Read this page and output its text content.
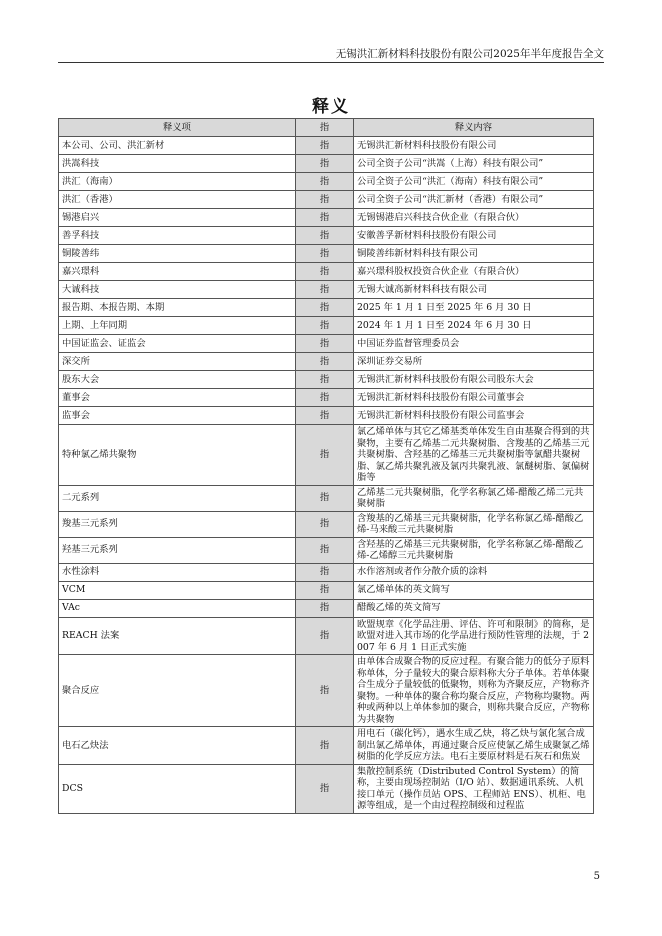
无锡洪汇新材料科技股份有限公司2025年半年度报告全文
释义
释义项	指	释义内容
本公司、公司、洪汇新材	指	无锡洪汇新材料科技股份有限公司
洪嵩科技	指	公司全资子公司“洪嵩（上海）科技有限公司”
洪汇（海南）	指	公司全资子公司“洪汇（海南）科技有限公司”
洪汇（香港）	指	公司全资子公司“洪汇新材（香港）有限公司”
锡港启兴	指	无锡锡港启兴科技合伙企业（有限合伙）
善孚科技	指	安徽善孚新材料科技股份有限公司
铜陵善纬	指	铜陵善纬新材料科技有限公司
嘉兴璟科	指	嘉兴璟科股权投资合伙企业（有限合伙）
大诚科技	指	无锡大诚高新材料科技有限公司
报告期、本报告期、本期	指	2025 年 1 月 1 日至 2025 年 6 月 30 日
上期、上年同期	指	2024 年 1 月 1 日至 2024 年 6 月 30 日
中国证监会、证监会	指	中国证券监督管理委员会
深交所	指	深圳证券交易所
股东大会	指	无锡洪汇新材料科技股份有限公司股东大会
董事会	指	无锡洪汇新材料科技股份有限公司董事会
监事会	指	无锡洪汇新材料科技股份有限公司监事会
特种氯乙烯共聚物	指	氯乙烯单体与其它乙烯基类单体发生自由基聚合得到的共聚物，主要有乙烯基二元共聚树脂、含羧基的乙烯基三元共聚树脂、含羟基的乙烯基三元共聚树脂等氯醋共聚树脂、氯乙烯共聚乳液及氯丙共聚乳液、氯醚树脂、氯偏树脂等
二元系列	指	乙烯基二元共聚树脂，化学名称氯乙烯-醋酸乙烯二元共聚树脂
羧基三元系列	指	含羧基的乙烯基三元共聚树脂，化学名称氯乙烯-醋酸乙烯-马来酸三元共聚树脂
羟基三元系列	指	含羟基的乙烯基三元共聚树脂，化学名称氯乙烯-醋酸乙烯-乙烯醇三元共聚树脂
水性涂料	指	水作溶剂或者作分散介质的涂料
VCM	指	氯乙烯单体的英文简写
VAc	指	醋酸乙烯的英文简写
REACH 法案	指	欧盟规章《化学品注册、评估、许可和限制》的简称，是欧盟对进入其市场的化学品进行预防性管理的法规，于 2007 年 6 月 1 日正式实施
聚合反应	指	由单体合成聚合物的反应过程。有聚合能力的低分子原料称单体，分子量较大的聚合原料称大分子单体。若单体聚合生成分子量较低的低聚物，则称为齐聚反应，产物称齐聚物。一种单体的聚合称均聚合反应，产物称均聚物。两种或两种以上单体参加的聚合，则称共聚合反应，产物称为共聚物
电石乙炔法	指	用电石（碳化钙），遇水生成乙炔，将乙炔与氯化氢合成制出氯乙烯单体，再通过聚合反应使氯乙烯生成聚氯乙烯树脂的化学反应方法。电石主要原材料是石灰石和焦炭
DCS	指	集散控制系统（Distributed Control System）的简称，主要由现场控制站（I/O 站）、数据通讯系统、人机接口单元（操作员站 OPS、工程师站 ENS）、机柜、电源等组成，是一个由过程控制级和过程监
5
